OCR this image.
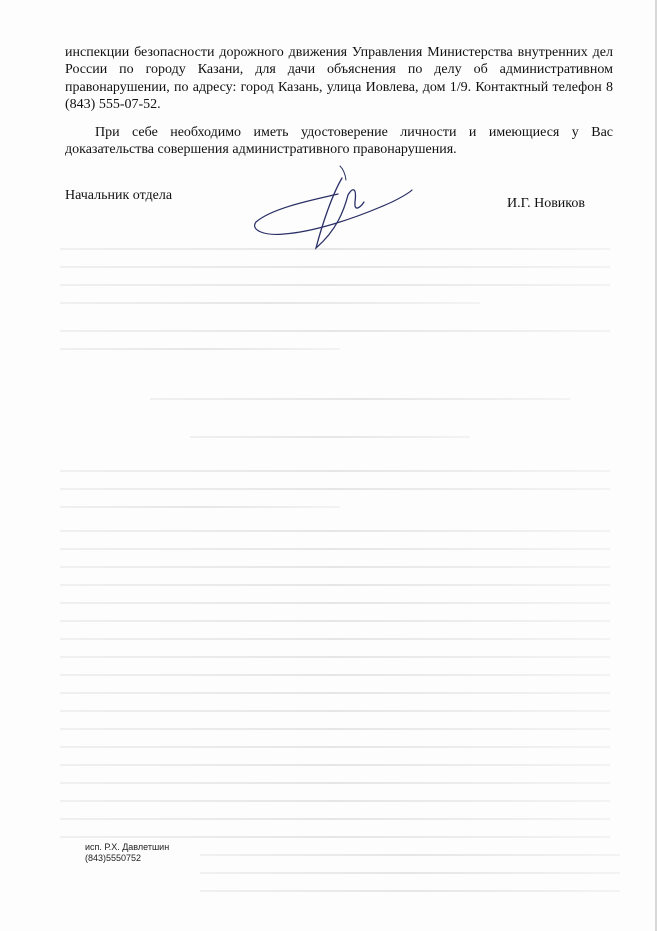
инспекции безопасности дорожного движения Управления Министерства внутренних дел России по городу Казани, для дачи объяснения по делу об административном правонарушении, по адресу: город Казань, улица Иовлева, дом 1/9. Контактный телефон 8 (843) 555-07-52.

При себе необходимо иметь удостоверение личности и имеющиеся у Вас доказательства совершения административного правонарушения.

Начальник отдела
И.Г. Новиков
исп. Р.Х. Давлетшин
(843)5550752
